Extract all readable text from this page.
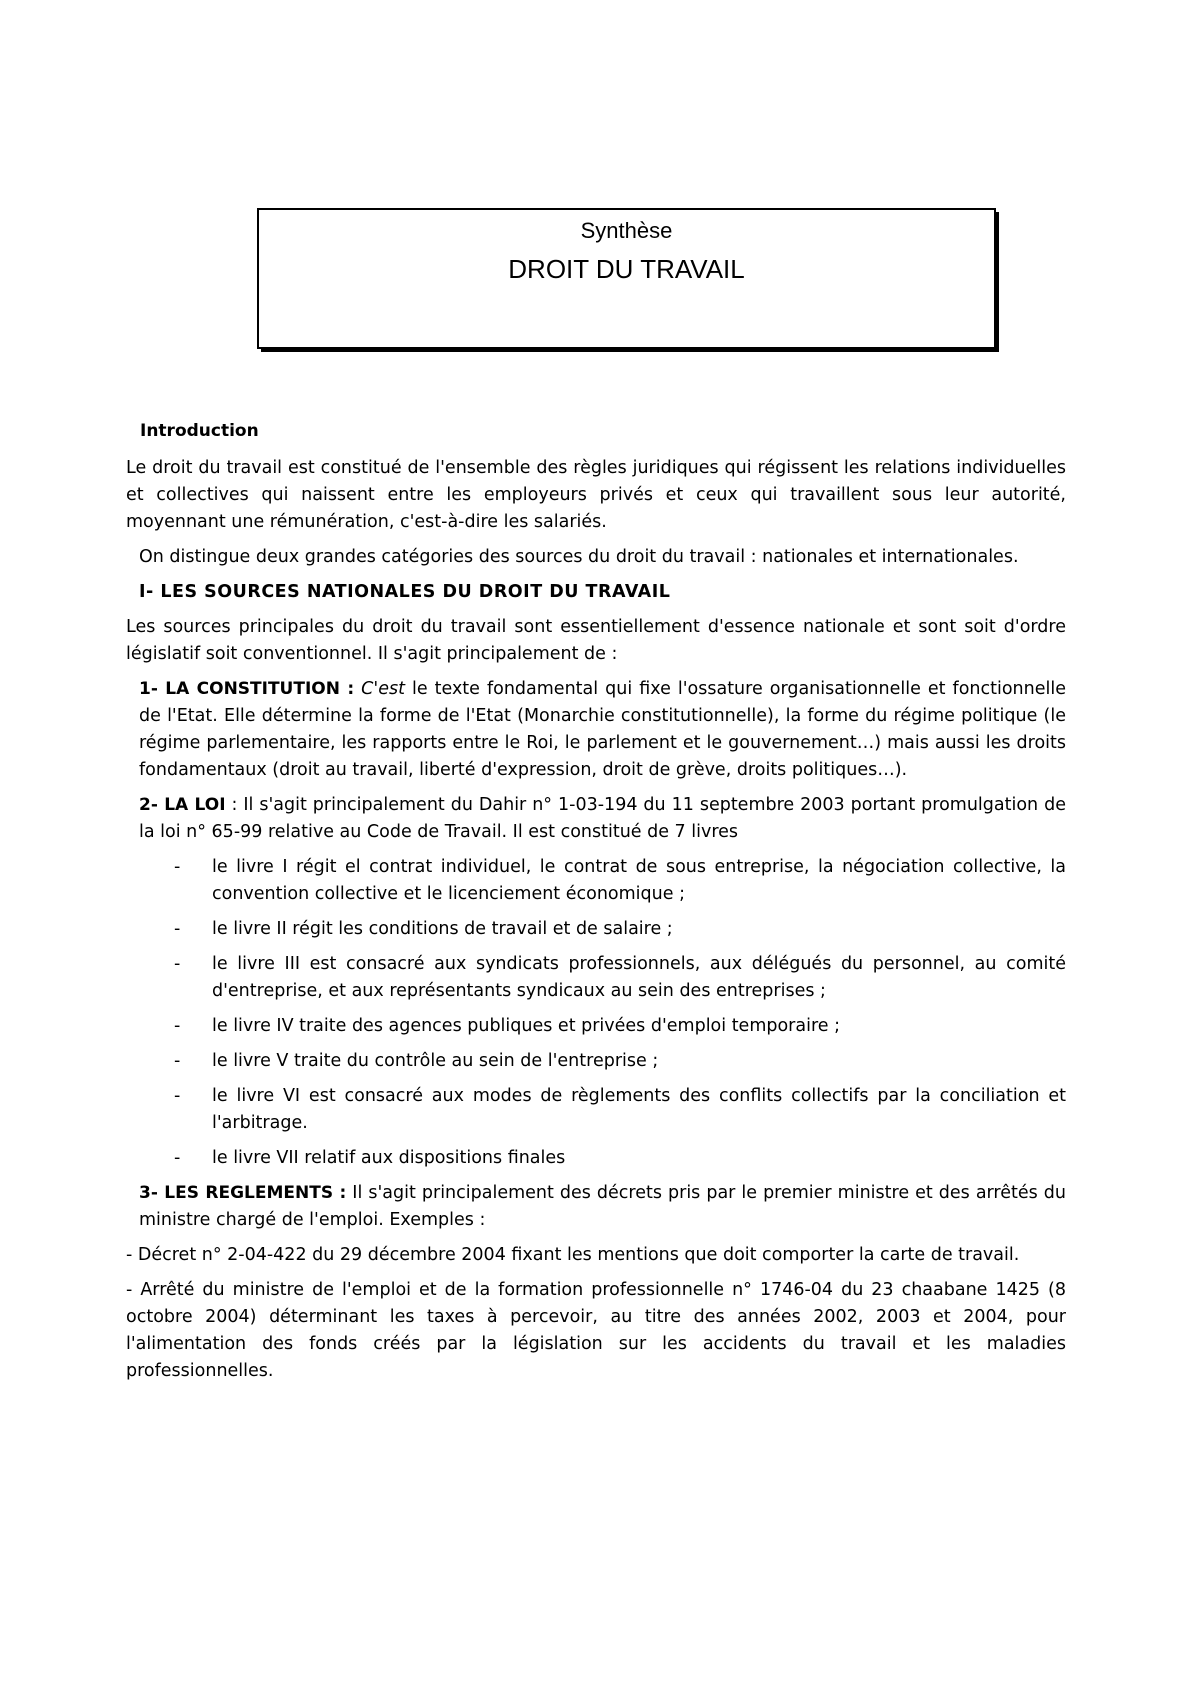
Synthèse
DROIT DU TRAVAIL

Introduction

Le droit du travail est constitué de l'ensemble des règles juridiques qui régissent les relations individuelles et collectives qui naissent entre les employeurs privés et ceux qui travaillent sous leur autorité, moyennant une rémunération, c'est-à-dire les salariés.

On distingue deux grandes catégories des sources du droit du travail : nationales et internationales.

I- LES SOURCES NATIONALES DU DROIT DU TRAVAIL

Les sources principales du droit du travail sont essentiellement d'essence nationale et sont soit d'ordre législatif soit conventionnel. Il s'agit principalement de :

1- LA CONSTITUTION : C'est le texte fondamental qui fixe l'ossature organisationnelle et fonctionnelle de l'Etat. Elle détermine la forme de l'Etat (Monarchie constitutionnelle), la forme du régime politique (le régime parlementaire, les rapports entre le Roi, le parlement et le gouvernement…) mais aussi les droits fondamentaux (droit au travail, liberté d'expression, droit de grève, droits politiques…).

2- LA LOI : Il s'agit principalement du Dahir n° 1-03-194 du 11 septembre 2003 portant promulgation de la loi n° 65-99 relative au Code de Travail. Il est constitué de 7 livres

- le livre I régit el contrat individuel, le contrat de sous entreprise, la négociation collective, la convention collective et le licenciement économique ;
- le livre II régit les conditions de travail et de salaire ;
- le livre III est consacré aux syndicats professionnels, aux délégués du personnel, au comité d'entreprise, et aux représentants syndicaux au sein des entreprises ;
- le livre IV traite des agences publiques et privées d'emploi temporaire ;
- le livre V traite du contrôle au sein de l'entreprise ;
- le livre VI est consacré aux modes de règlements des conflits collectifs par la conciliation et l'arbitrage.
- le livre VII relatif aux dispositions finales

3- LES REGLEMENTS : Il s'agit principalement des décrets pris par le premier ministre et des arrêtés du ministre chargé de l'emploi. Exemples :

- Décret n° 2-04-422 du 29 décembre 2004 fixant les mentions que doit comporter la carte de travail.

- Arrêté du ministre de l'emploi et de la formation professionnelle n° 1746-04 du 23 chaabane 1425 (8 octobre 2004) déterminant les taxes à percevoir, au titre des années 2002, 2003 et 2004, pour l'alimentation des fonds créés par la législation sur les accidents du travail et les maladies professionnelles.
